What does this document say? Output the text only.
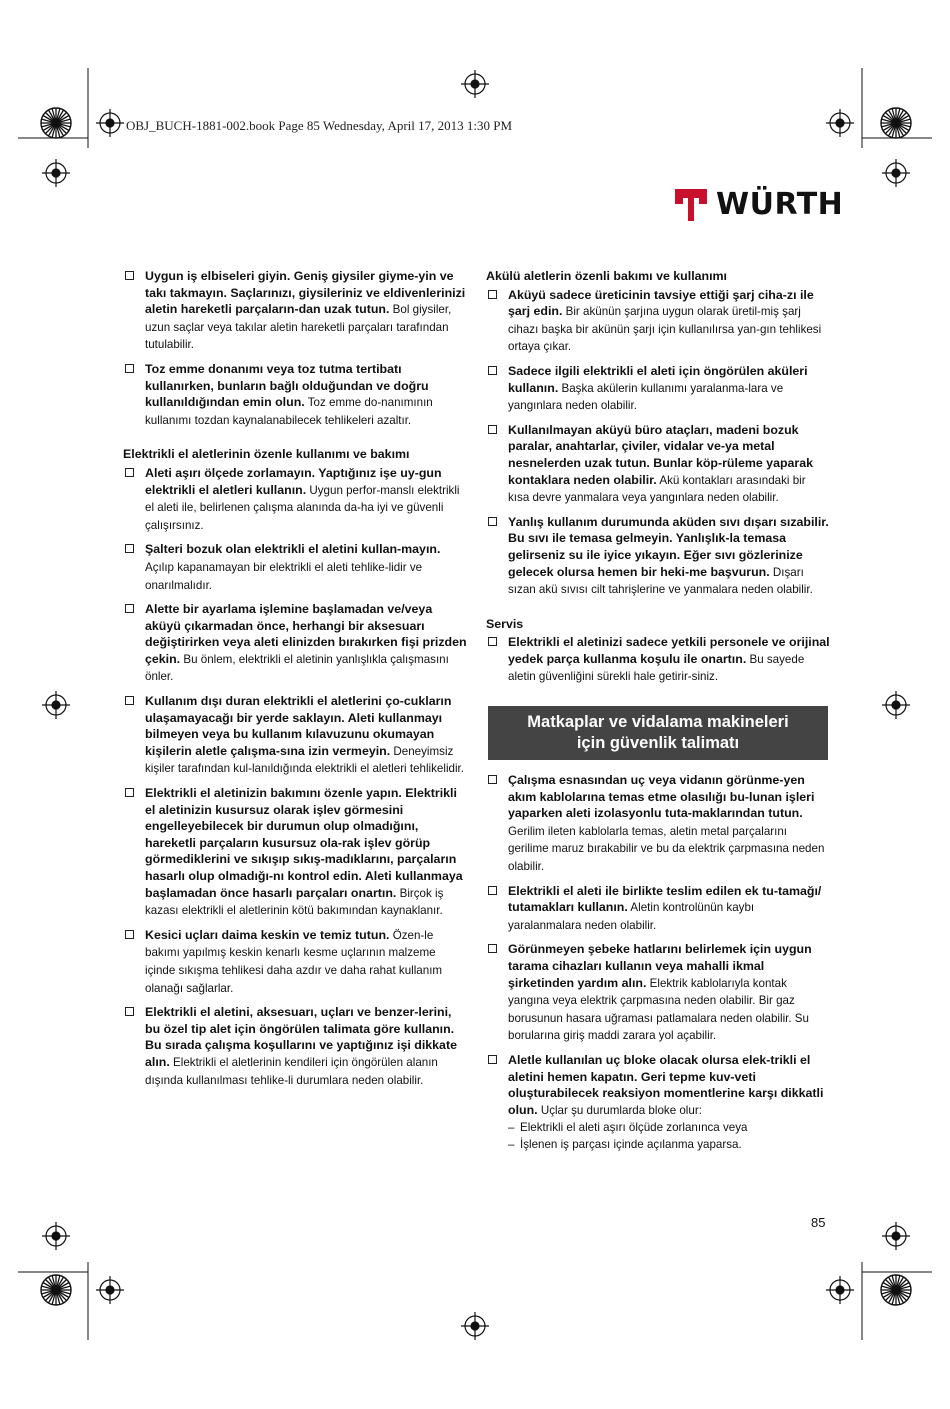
OBJ_BUCH-1881-002.book Page 85 Wednesday, April 17, 2013 1:30 PM
WÜRTH
Uygun iş elbiseleri giyin. Geniş giysiler giyme-yin ve takı takmayın. Saçlarınızı, giysileriniz ve eldivenlerinizi aletin hareketli parçaların-dan uzak tutun. Bol giysiler, uzun saçlar veya takılar aletin hareketli parçaları tarafından tutulabilir.
Toz emme donanımı veya toz tutma tertibatı kullanırken, bunların bağlı olduğundan ve doğru kullanıldığından emin olun. Toz emme do-nanımının kullanımı tozdan kaynalanabilecek tehlikeleri azaltır.
Elektrikli el aletlerinin özenle kullanımı ve bakımı
Aleti aşırı ölçede zorlamayın. Yaptığınız işe uy-gun elektrikli el aletleri kullanın. Uygun perfor-manslı elektrikli el aleti ile, belirlenen çalışma alanında da-ha iyi ve güvenli çalışırsınız.
Şalteri bozuk olan elektrikli el aletini kullan-mayın. Açılıp kapanamayan bir elektrikli el aleti tehlike-lidir ve onarılmalıdır.
Alette bir ayarlama işlemine başlamadan ve/veya aküyü çıkarmadan önce, herhangi bir aksesuarı değiştirirken veya aleti elinizden bırakırken fişi prizden çekin. Bu önlem, elektrikli el aletinin yanlışlıkla çalışmasını önler.
Kullanım dışı duran elektrikli el aletlerini ço-cukların ulaşamayacağı bir yerde saklayın. Aleti kullanmayı bilmeyen veya bu kullanım kılavuzunu okumayan kişilerin aletle çalışma-sına izin vermeyin. Deneyimsiz kişiler tarafından kul-lanıldığında elektrikli el aletleri tehlikelidir.
Elektrikli el aletinizin bakımını özenle yapın. Elektrikli el aletinizin kusursuz olarak işlev görmesini engelleyebilecek bir durumun olup olmadığını, hareketli parçaların kusursuz ola-rak işlev görüp görmediklerini ve sıkışıp sıkış-madıklarını, parçaların hasarlı olup olmadığı-nı kontrol edin. Aleti kullanmaya başlamadan önce hasarlı parçaları onartın. Birçok iş kazası elektrikli el aletlerinin kötü bakımından kaynaklanır.
Kesici uçları daima keskin ve temiz tutun. Özen-le bakımı yapılmış keskin kenarlı kesme uçlarının malzeme içinde sıkışma tehlikesi daha azdır ve daha rahat kullanım olanağı sağlarlar.
Elektrikli el aletini, aksesuarı, uçları ve benzer-lerini, bu özel tip alet için öngörülen talimata göre kullanın. Bu sırada çalışma koşullarını ve yaptığınız işi dikkate alın. Elektrikli el aletlerinin kendileri için öngörülen alanın dışında kullanılması tehlike-li durumlara neden olabilir.
Akülü aletlerin özenli bakımı ve kullanımı
Aküyü sadece üreticinin tavsiye ettiği şarj ciha-zı ile şarj edin. Bir akünün şarjına uygun olarak üretil-miş şarj cihazı başka bir akünün şarjı için kullanılırsa yan-gın tehlikesi ortaya çıkar.
Sadece ilgili elektrikli el aleti için öngörülen aküleri kullanın. Başka akülerin kullanımı yaralanma-lara ve yangınlara neden olabilir.
Kullanılmayan aküyü büro ataçları, madeni bozuk paralar, anahtarlar, çiviler, vidalar ve-ya metal nesnelerden uzak tutun. Bunlar köp-rüleme yaparak kontaklara neden olabilir. Akü kontakları arasındaki bir kısa devre yanmalara veya yangınlara neden olabilir.
Yanlış kullanım durumunda aküden sıvı dışarı sızabilir. Bu sıvı ile temasa gelmeyin. Yanlışlık-la temasa gelirseniz su ile iyice yıkayın. Eğer sıvı gözlerinize gelecek olursa hemen bir heki-me başvurun. Dışarı sızan akü sıvısı cilt tahrişlerine ve yanmalara neden olabilir.
Servis
Elektrikli el aletinizi sadece yetkili personele ve orijinal yedek parça kullanma koşulu ile onartın. Bu sayede aletin güvenliğini sürekli hale getirir-siniz.
Matkaplar ve vidalama makineleri
için güvenlik talimatı
Çalışma esnasından uç veya vidanın görünme-yen akım kablolarına temas etme olasılığı bu-lunan işleri yaparken aleti izolasyonlu tuta-maklarından tutun. Gerilim ileten kablolarla temas, aletin metal parçalarını gerilime maruz bırakabilir ve bu da elektrik çarpmasına neden olabilir.
Elektrikli el aleti ile birlikte teslim edilen ek tu-tamağı/ tutamakları kullanın. Aletin kontrolünün kaybı yaralanmalara neden olabilir.
Görünmeyen şebeke hatlarını belirlemek için uygun tarama cihazları kullanın veya mahalli ikmal şirketinden yardım alın. Elektrik kablolarıyla kontak yangına veya elektrik çarpmasına neden olabilir. Bir gaz borusunun hasara uğraması patlamalara neden olabilir. Su borularına giriş maddi zarara yol açabilir.
Aletle kullanılan uç bloke olacak olursa elek-trikli el aletini hemen kapatın. Geri tepme kuv-veti oluşturabilecek reaksiyon momentlerine karşı dikkatli olun. Uçlar şu durumlarda bloke olur:
– Elektrikli el aleti aşırı ölçüde zorlanınca veya
– İşlenen iş parçası içinde açılanma yaparsa.
85
